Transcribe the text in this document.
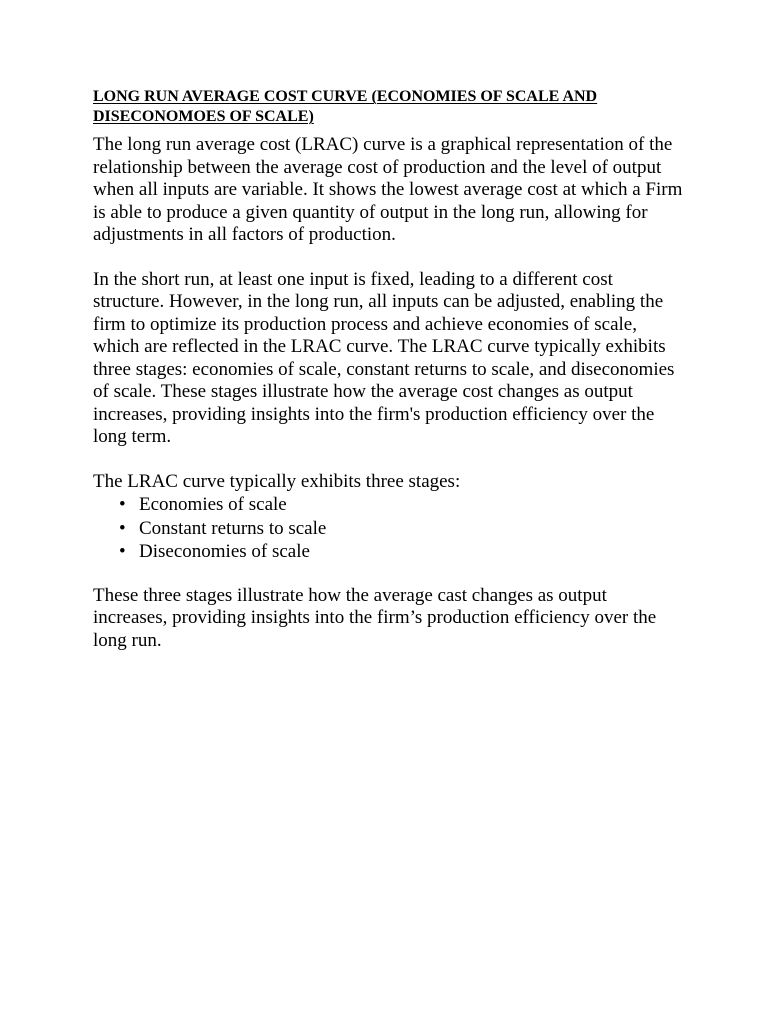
LONG RUN AVERAGE COST CURVE (ECONOMIES OF SCALE AND
DISECONOMOES OF SCALE)

The long run average cost (LRAC) curve is a graphical representation of the relationship between the average cost of production and the level of output when all inputs are variable. It shows the lowest average cost at which a Firm is able to produce a given quantity of output in the long run, allowing for adjustments in all factors of production.

In the short run, at least one input is fixed, leading to a different cost structure. However, in the long run, all inputs can be adjusted, enabling the firm to optimize its production process and achieve economies of scale, which are reflected in the LRAC curve. The LRAC curve typically exhibits three stages: economies of scale, constant returns to scale, and diseconomies of scale. These stages illustrate how the average cost changes as output increases, providing insights into the firm's production efficiency over the long term.

The LRAC curve typically exhibits three stages:

• Economies of scale
• Constant returns to scale
• Diseconomies of scale

These three stages illustrate how the average cast changes as output increases, providing insights into the firm’s production efficiency over the long run.
